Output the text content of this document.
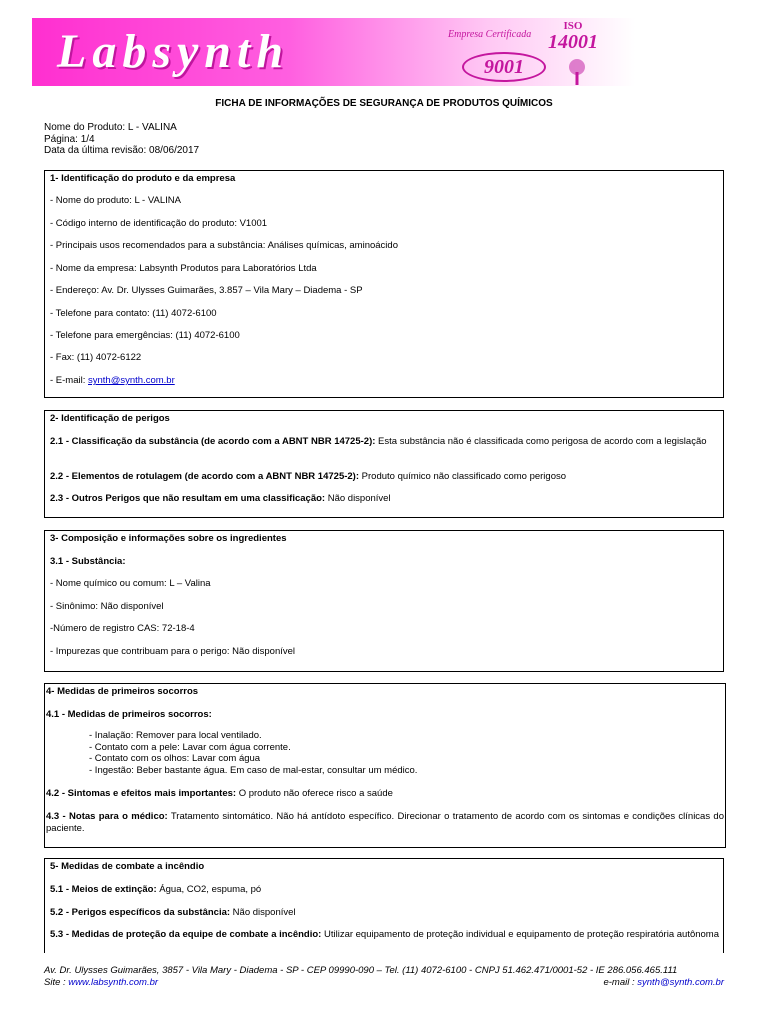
Labsynth	Empresa Certificada
9001
ISO
14001
FICHA DE INFORMAÇÕES DE SEGURANÇA DE PRODUTOS QUÍMICOS
Nome do Produto: L - VALINA
Página: 1/4
Data da última revisão: 08/06/2017
1- Identificação do produto e da empresa
- Nome do produto: L - VALINA
- Código interno de identificação do produto: V1001
- Principais usos recomendados para a substância: Análises químicas, aminoácido
- Nome da empresa: Labsynth Produtos para Laboratórios Ltda
- Endereço: Av. Dr. Ulysses Guimarães, 3.857 – Vila Mary – Diadema - SP
- Telefone para contato: (11) 4072-6100
- Telefone para emergências: (11) 4072-6100
- Fax: (11) 4072-6122
- E-mail: synth@synth.com.br
2- Identificação de perigos
2.1 - Classificação da substância (de acordo com a ABNT NBR 14725-2): Esta substância não é classificada como perigosa de acordo com a legislação
2.2 - Elementos de rotulagem (de acordo com a ABNT NBR 14725-2): Produto químico não classificado como perigoso
2.3 - Outros Perigos que não resultam em uma classificação: Não disponível
3- Composição e informações sobre os ingredientes
3.1 - Substância:
- Nome químico ou comum: L – Valina
- Sinônimo: Não disponível
-Número de registro CAS: 72-18-4
- Impurezas que contribuam para o perigo: Não disponível
4- Medidas de primeiros socorros
4.1 - Medidas de primeiros socorros:
- Inalação: Remover para local ventilado.
- Contato com a pele: Lavar com água corrente.
- Contato com os olhos: Lavar com água
- Ingestão: Beber bastante água. Em caso de mal-estar, consultar um médico.
4.2 - Sintomas e efeitos mais importantes: O produto não oferece risco a saúde
4.3 - Notas para o médico: Tratamento sintomático. Não há antídoto específico. Direcionar o tratamento de acordo com os sintomas e condições clínicas do paciente.
5- Medidas de combate a incêndio
5.1 - Meios de extinção: Água, CO2, espuma, pó
5.2 - Perigos específicos da substância: Não disponível
5.3 - Medidas de proteção da equipe de combate a incêndio: Utilizar equipamento de proteção individual e equipamento de proteção respiratória autônoma
Av. Dr. Ulysses Guimarães, 3857 - Vila Mary - Diadema - SP - CEP 09990-090 – Tel. (11) 4072-6100 - CNPJ 51.462.471/0001-52 - IE 286.056.465.111
Site : www.labsynth.com.br	e-mail : synth@synth.com.br
